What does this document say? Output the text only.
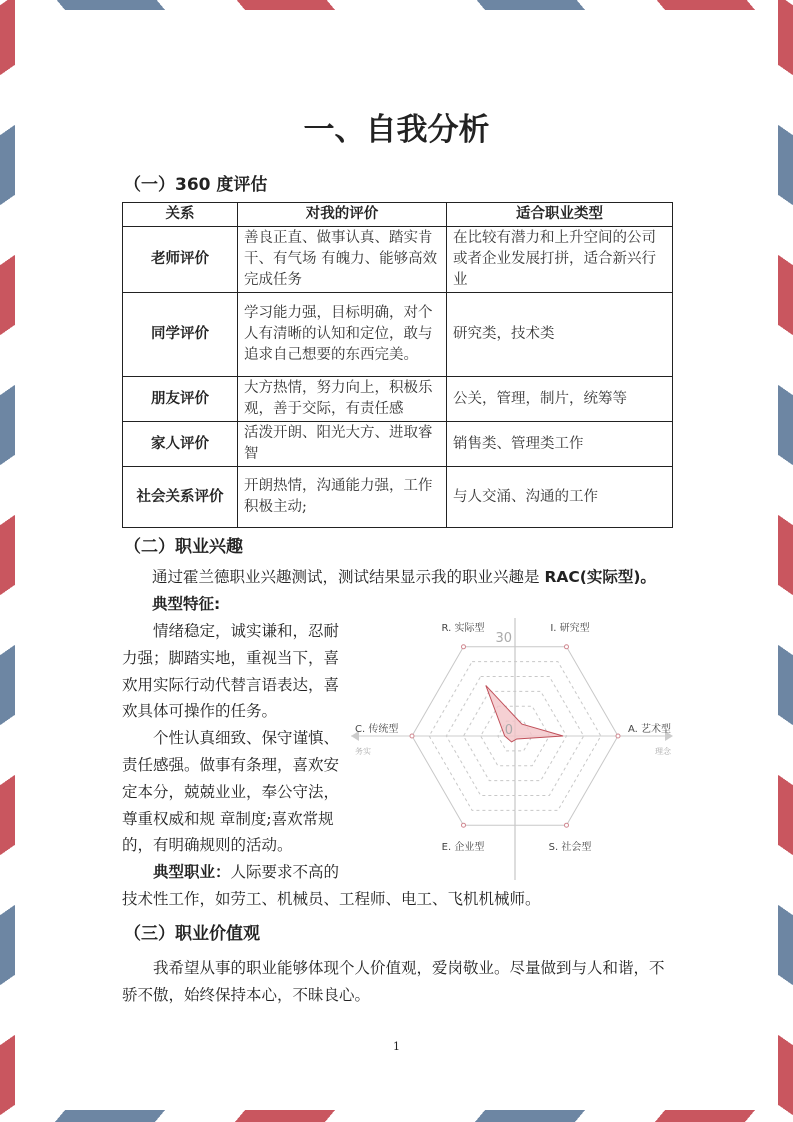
一、自我分析
（一）360 度评估
关系	对我的评价	适合职业类型
老师评价	善良正直、做事认真、踏实肯干、有气场 有魄力、能够高效完成任务	在比较有潜力和上升空间的公司或者企业发展打拼，适合新兴行业
同学评价	学习能力强，目标明确，对个人有清晰的认知和定位，敢与追求自己想要的东西完美。	研究类，技术类
朋友评价	大方热情，努力向上，积极乐观，善于交际，有责任感	公关，管理，制片，统筹等
家人评价	活泼开朗、阳光大方、进取睿智	销售类、管理类工作
社会关系评价	开朗热情，沟通能力强，工作积极主动;	与人交涌、沟通的工作
（二）职业兴趣
通过霍兰德职业兴趣测试，测试结果显示我的职业兴趣是 RAC(实际型)。
典型特征:
R. 实际型	I. 研究型
A. 艺术型
S. 社会型
E. 企业型
C. 传统型
30
0
务实	理念

情绪稳定，诚实谦和，忍耐力强；脚踏实地，重视当下，喜欢用实际行动代替言语表达，喜欢具体可操作的任务。

个性认真细致、保守谨慎、责任感强。做事有条理，喜欢安定本分，兢兢业业，奉公守法，尊重权威和规 章制度;喜欢常规的，有明确规则的活动。

典型职业：人际要求不高的技术性工作，如劳工、机械员、工程师、电工、飞机机械师。

（三）职业价值观
我希望从事的职业能够体现个人价值观，爱岗敬业。尽量做到与人和谐，不骄不傲，始终保持本心，不昧良心。
1
